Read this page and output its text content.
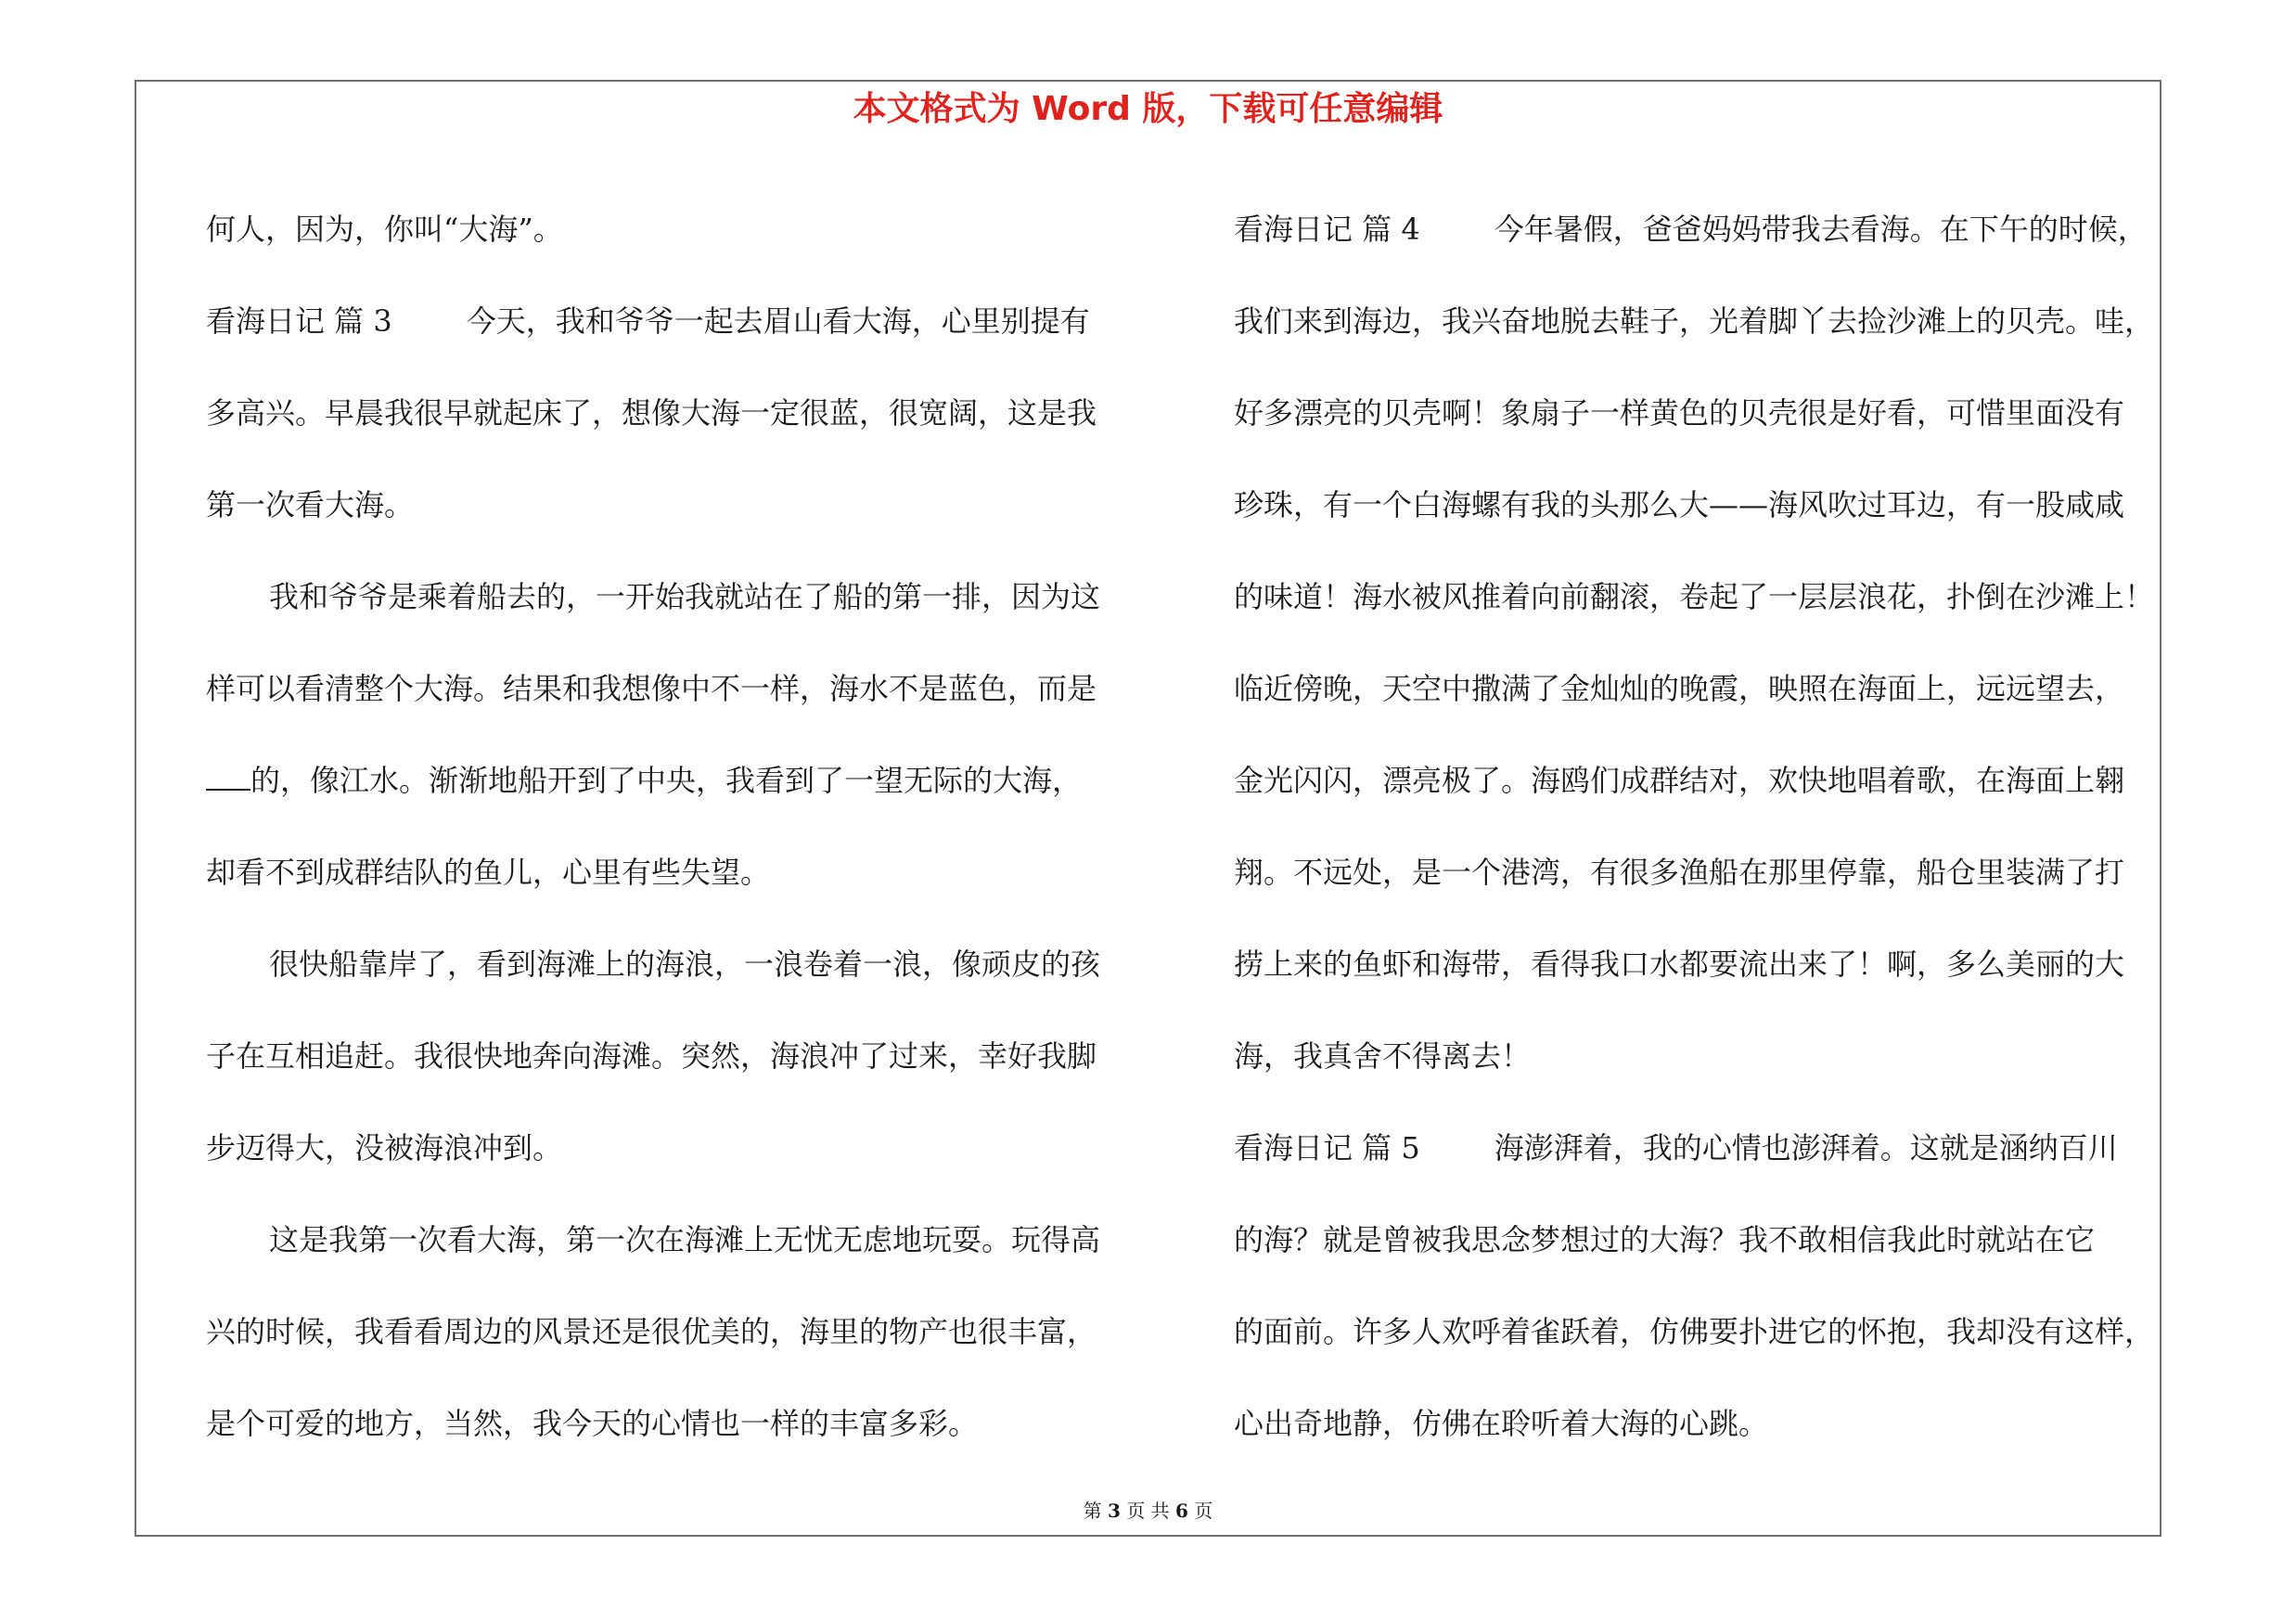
本文格式为 Word 版，下载可任意编辑
何人，因为，你叫“大海”。
看海日记 篇 3	今天，我和爷爷一起去眉山看大海，心里别提有
多高兴。早晨我很早就起床了，想像大海一定很蓝，很宽阔，这是我
第一次看大海。
我和爷爷是乘着船去的，一开始我就站在了船的第一排，因为这
样可以看清整个大海。结果和我想像中不一样，海水不是蓝色，而是
的，像江水。渐渐地船开到了中央，我看到了一望无际的大海，
却看不到成群结队的鱼儿，心里有些失望。
很快船靠岸了，看到海滩上的海浪，一浪卷着一浪，像顽皮的孩
子在互相追赶。我很快地奔向海滩。突然，海浪冲了过来，幸好我脚
步迈得大，没被海浪冲到。
这是我第一次看大海，第一次在海滩上无忧无虑地玩耍。玩得高
兴的时候，我看看周边的风景还是很优美的，海里的物产也很丰富，
是个可爱的地方，当然，我今天的心情也一样的丰富多彩。
看海日记 篇 4	今年暑假，爸爸妈妈带我去看海。在下午的时候，
我们来到海边，我兴奋地脱去鞋子，光着脚丫去捡沙滩上的贝壳。哇，
好多漂亮的贝壳啊！象扇子一样黄色的贝壳很是好看，可惜里面没有
珍珠，有一个白海螺有我的头那么大——海风吹过耳边，有一股咸咸
的味道！海水被风推着向前翻滚，卷起了一层层浪花，扑倒在沙滩上！
临近傍晚，天空中撒满了金灿灿的晚霞，映照在海面上，远远望去，
金光闪闪，漂亮极了。海鸥们成群结对，欢快地唱着歌，在海面上翱
翔。不远处，是一个港湾，有很多渔船在那里停靠，船仓里装满了打
捞上来的鱼虾和海带，看得我口水都要流出来了！啊，多么美丽的大
海，我真舍不得离去！
看海日记 篇 5	海澎湃着，我的心情也澎湃着。这就是涵纳百川
的海？就是曾被我思念梦想过的大海？我不敢相信我此时就站在它
的面前。许多人欢呼着雀跃着，仿佛要扑进它的怀抱，我却没有这样，
心出奇地静，仿佛在聆听着大海的心跳。
第 3 页 共 6 页
